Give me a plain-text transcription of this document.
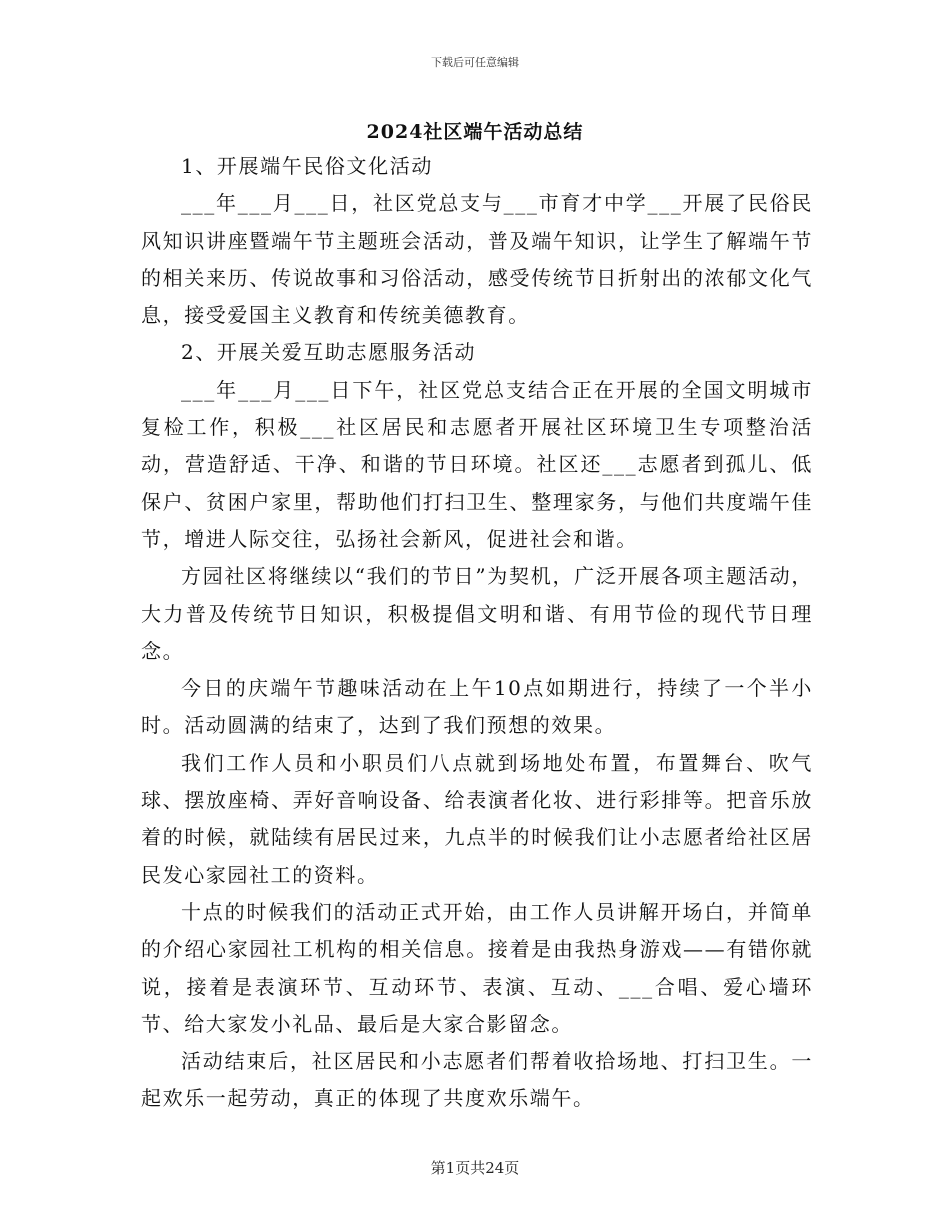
下载后可任意编辑
2024社区端午活动总结

1、开展端午民俗文化活动

___年___月___日，社区党总支与___市育才中学___开展了民俗民风知识讲座暨端午节主题班会活动，普及端午知识，让学生了解端午节的相关来历、传说故事和习俗活动，感受传统节日折射出的浓郁文化气息，接受爱国主义教育和传统美德教育。

2、开展关爱互助志愿服务活动

___年___月___日下午，社区党总支结合正在开展的全国文明城市复检工作，积极___社区居民和志愿者开展社区环境卫生专项整治活动，营造舒适、干净、和谐的节日环境。社区还___志愿者到孤儿、低保户、贫困户家里，帮助他们打扫卫生、整理家务，与他们共度端午佳节，增进人际交往，弘扬社会新风，促进社会和谐。

方园社区将继续以“我们的节日”为契机，广泛开展各项主题活动，大力普及传统节日知识，积极提倡文明和谐、有用节俭的现代节日理念。

今日的庆端午节趣味活动在上午10点如期进行，持续了一个半小时。活动圆满的结束了，达到了我们预想的效果。

我们工作人员和小职员们八点就到场地处布置，布置舞台、吹气球、摆放座椅、弄好音响设备、给表演者化妆、进行彩排等。把音乐放着的时候，就陆续有居民过来，九点半的时候我们让小志愿者给社区居民发心家园社工的资料。

十点的时候我们的活动正式开始，由工作人员讲解开场白，并简单的介绍心家园社工机构的相关信息。接着是由我热身游戏——有错你就说，接着是表演环节、互动环节、表演、互动、___合唱、爱心墙环节、给大家发小礼品、最后是大家合影留念。

活动结束后，社区居民和小志愿者们帮着收拾场地、打扫卫生。一起欢乐一起劳动，真正的体现了共度欢乐端午。

第1页共24页
